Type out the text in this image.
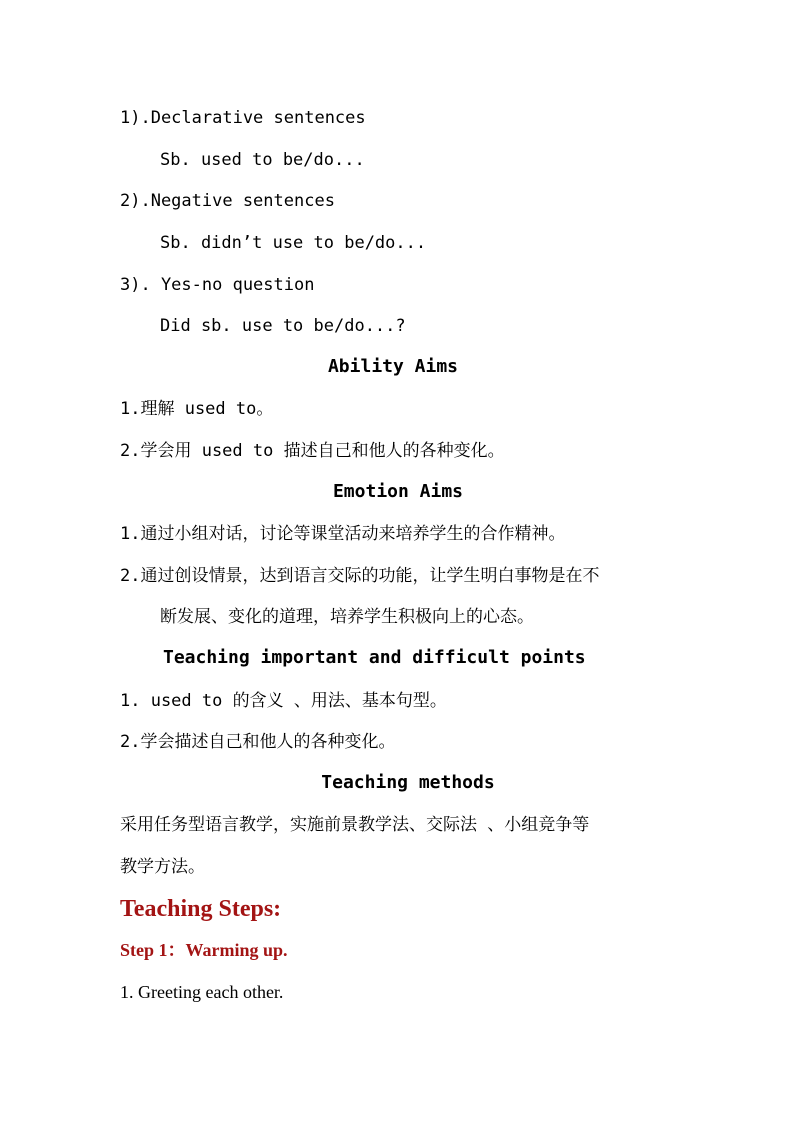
1).Declarative sentences
Sb. used to be/do...
2).Negative sentences
Sb. didn’t use to be/do...
3). Yes-no question
Did sb. use to be/do...?
Ability Aims
1.理解 used to。
2.学会用 used to 描述自己和他人的各种变化。
Emotion Aims
1.通过小组对话，讨论等课堂活动来培养学生的合作精神。
2.通过创设情景，达到语言交际的功能，让学生明白事物是在不
断发展、变化的道理，培养学生积极向上的心态。
Teaching important and difficult points
1. used to 的含义 、用法、基本句型。
2.学会描述自己和他人的各种变化。
Teaching methods
采用任务型语言教学，实施前景教学法、交际法 、小组竞争等
教学方法。
Teaching Steps:
Step 1：Warming up.
1. Greeting each other.
